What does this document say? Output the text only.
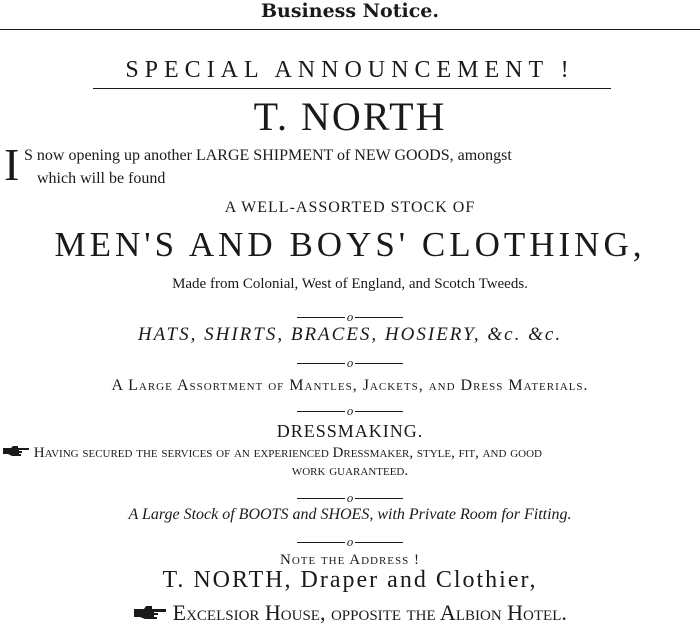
Business Notice.
SPECIAL ANNOUNCEMENT !
T. NORTH
I S now opening up another LARGE SHIPMENT of NEW GOODS, amongst
which will be found
A WELL-ASSORTED STOCK OF
MEN'S AND BOYS' CLOTHING,
Made from Colonial, West of England, and Scotch Tweeds.
o
HATS, SHIRTS, BRACES, HOSIERY, &c. &c.
o
A Large Assortment of Mantles, Jackets, and Dress Materials.
o
DRESSMAKING.
Having secured the services of an experienced Dressmaker, style, fit, and good
work guaranteed.
o
A Large Stock of BOOTS and SHOES, with Private Room for Fitting.
o
Note the Address !
T. NORTH, Draper and Clothier,
Excelsior House, opposite the Albion Hotel.
